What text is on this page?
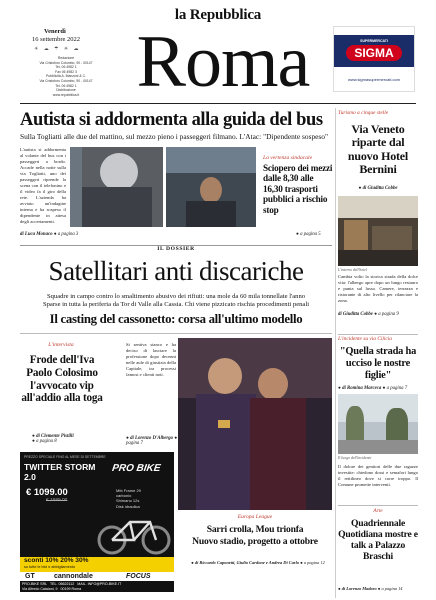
la Repubblica
Venerdì
16 settembre 2022
☀ ☁ ☂ ☀ ☁
Redazione
Via Cristoforo Colombo, 90 - 00147
Tel. 06 4982 1
Fax 06 4982 3
Pubblicità A. Manzoni & C.
Via Cristoforo Colombo, 90 - 00147
Tel. 06 4982 1
Distribuzione
www.repubblica.it Roma	SUPERMERCATI
SIGMA
www.sigmasupermercati.com
Autista si addormenta alla guida del bus
Sulla Togliatti alle due del mattino, sul mezzo pieno i passeggeri filmano. L'Atac: "Dipendente sospeso"
L'autista si addormenta al volante del bus con i passeggeri a bordo. Accade nella notte sulla via Togliatti, uno dei passeggeri riprende la scena con il telefonino e il video fa il giro della rete. L'azienda ha avviato un'indagine interna e ha sospeso il dipendente in attesa degli accertamenti.
di Luca Monaco ● a pagina 3
La vertenza sindacale
Sciopero dei mezzi dalle 8,30 alle 16,30 trasporti pubblici a rischio stop
● a pagina 5
Turismo a cinque stelle
Via Veneto riparte dal nuovo Hotel Bernini
● di Giuditta Cobbe
L'interno dell'hotel
Cambia volto la storica strada della dolce vita: l'albergo apre dopo un lungo restauro e punta sul lusso. Camere, terrazza e ristorante di alto livello per rilanciare la zona.
di Giuditta Cobbe ● a pagina 9
IL DOSSIER
Satellitari anti discariche
Squadre in campo contro lo smaltimento abusivo dei rifiuti: una mole da 60 mila tonnellate l'anno
Sparse in tutta la periferia da Tor di Valle alla Cassia. Chi viene pizzicato rischia procedimenti penali
Il casting del cassonetto: corsa all'ultimo modello
L'intervista
Frode dell'Iva Paolo Colosimo l'avvocato vip all'addio alla toga
● di Clemente Pistilli
● a pagina 8
Si sentiva stanco e ha deciso di lasciare la professione dopo decenni nelle aule di giustizia della Capitale, tra processi famosi e clienti noti.
● di Lorenzo D'Albergo ● pagina 7
Europa League
Sarri crolla, Mou trionfa
Nuovo stadio, progetto a ottobre
● di Riccardo Caponetti, Giulio Cardone e Andrea Di Carlo ● a pagina 12
PREZZO SPECIALE FINO AL MESE DI SETTEMBRE
TWITTER STORM 2.0
€ 1099.00
€ 1699.00
PRO BIKE
Mtb Frame 29
carbonio
Shimano 12s
Disk idraulica
sconti 10% 20% 30%
su tutte le bici e abbigliamento
GT	cannondale	FOCUS
PRO-BIKE SRL TEL. 06622112 MAIL. INFO@PRO-BIKE.IT
Via Alfredo Catalani, 9 00199 Roma
L'incidente su via Cilicia
"Quella strada ha ucciso le nostre figlie"
● di Romina Marceca ● a pagina 7
Il luogo dell'incidente
Il dolore dei genitori delle due ragazze investite: chiedono dossi e semafori lungo il rettilineo dove si corre troppo. Il Comune promette interventi.
Arte
Quadriennale Quotidiana mostre e talk a Palazzo Braschi
● di Lorenzo Madaro ● a pagina 14
